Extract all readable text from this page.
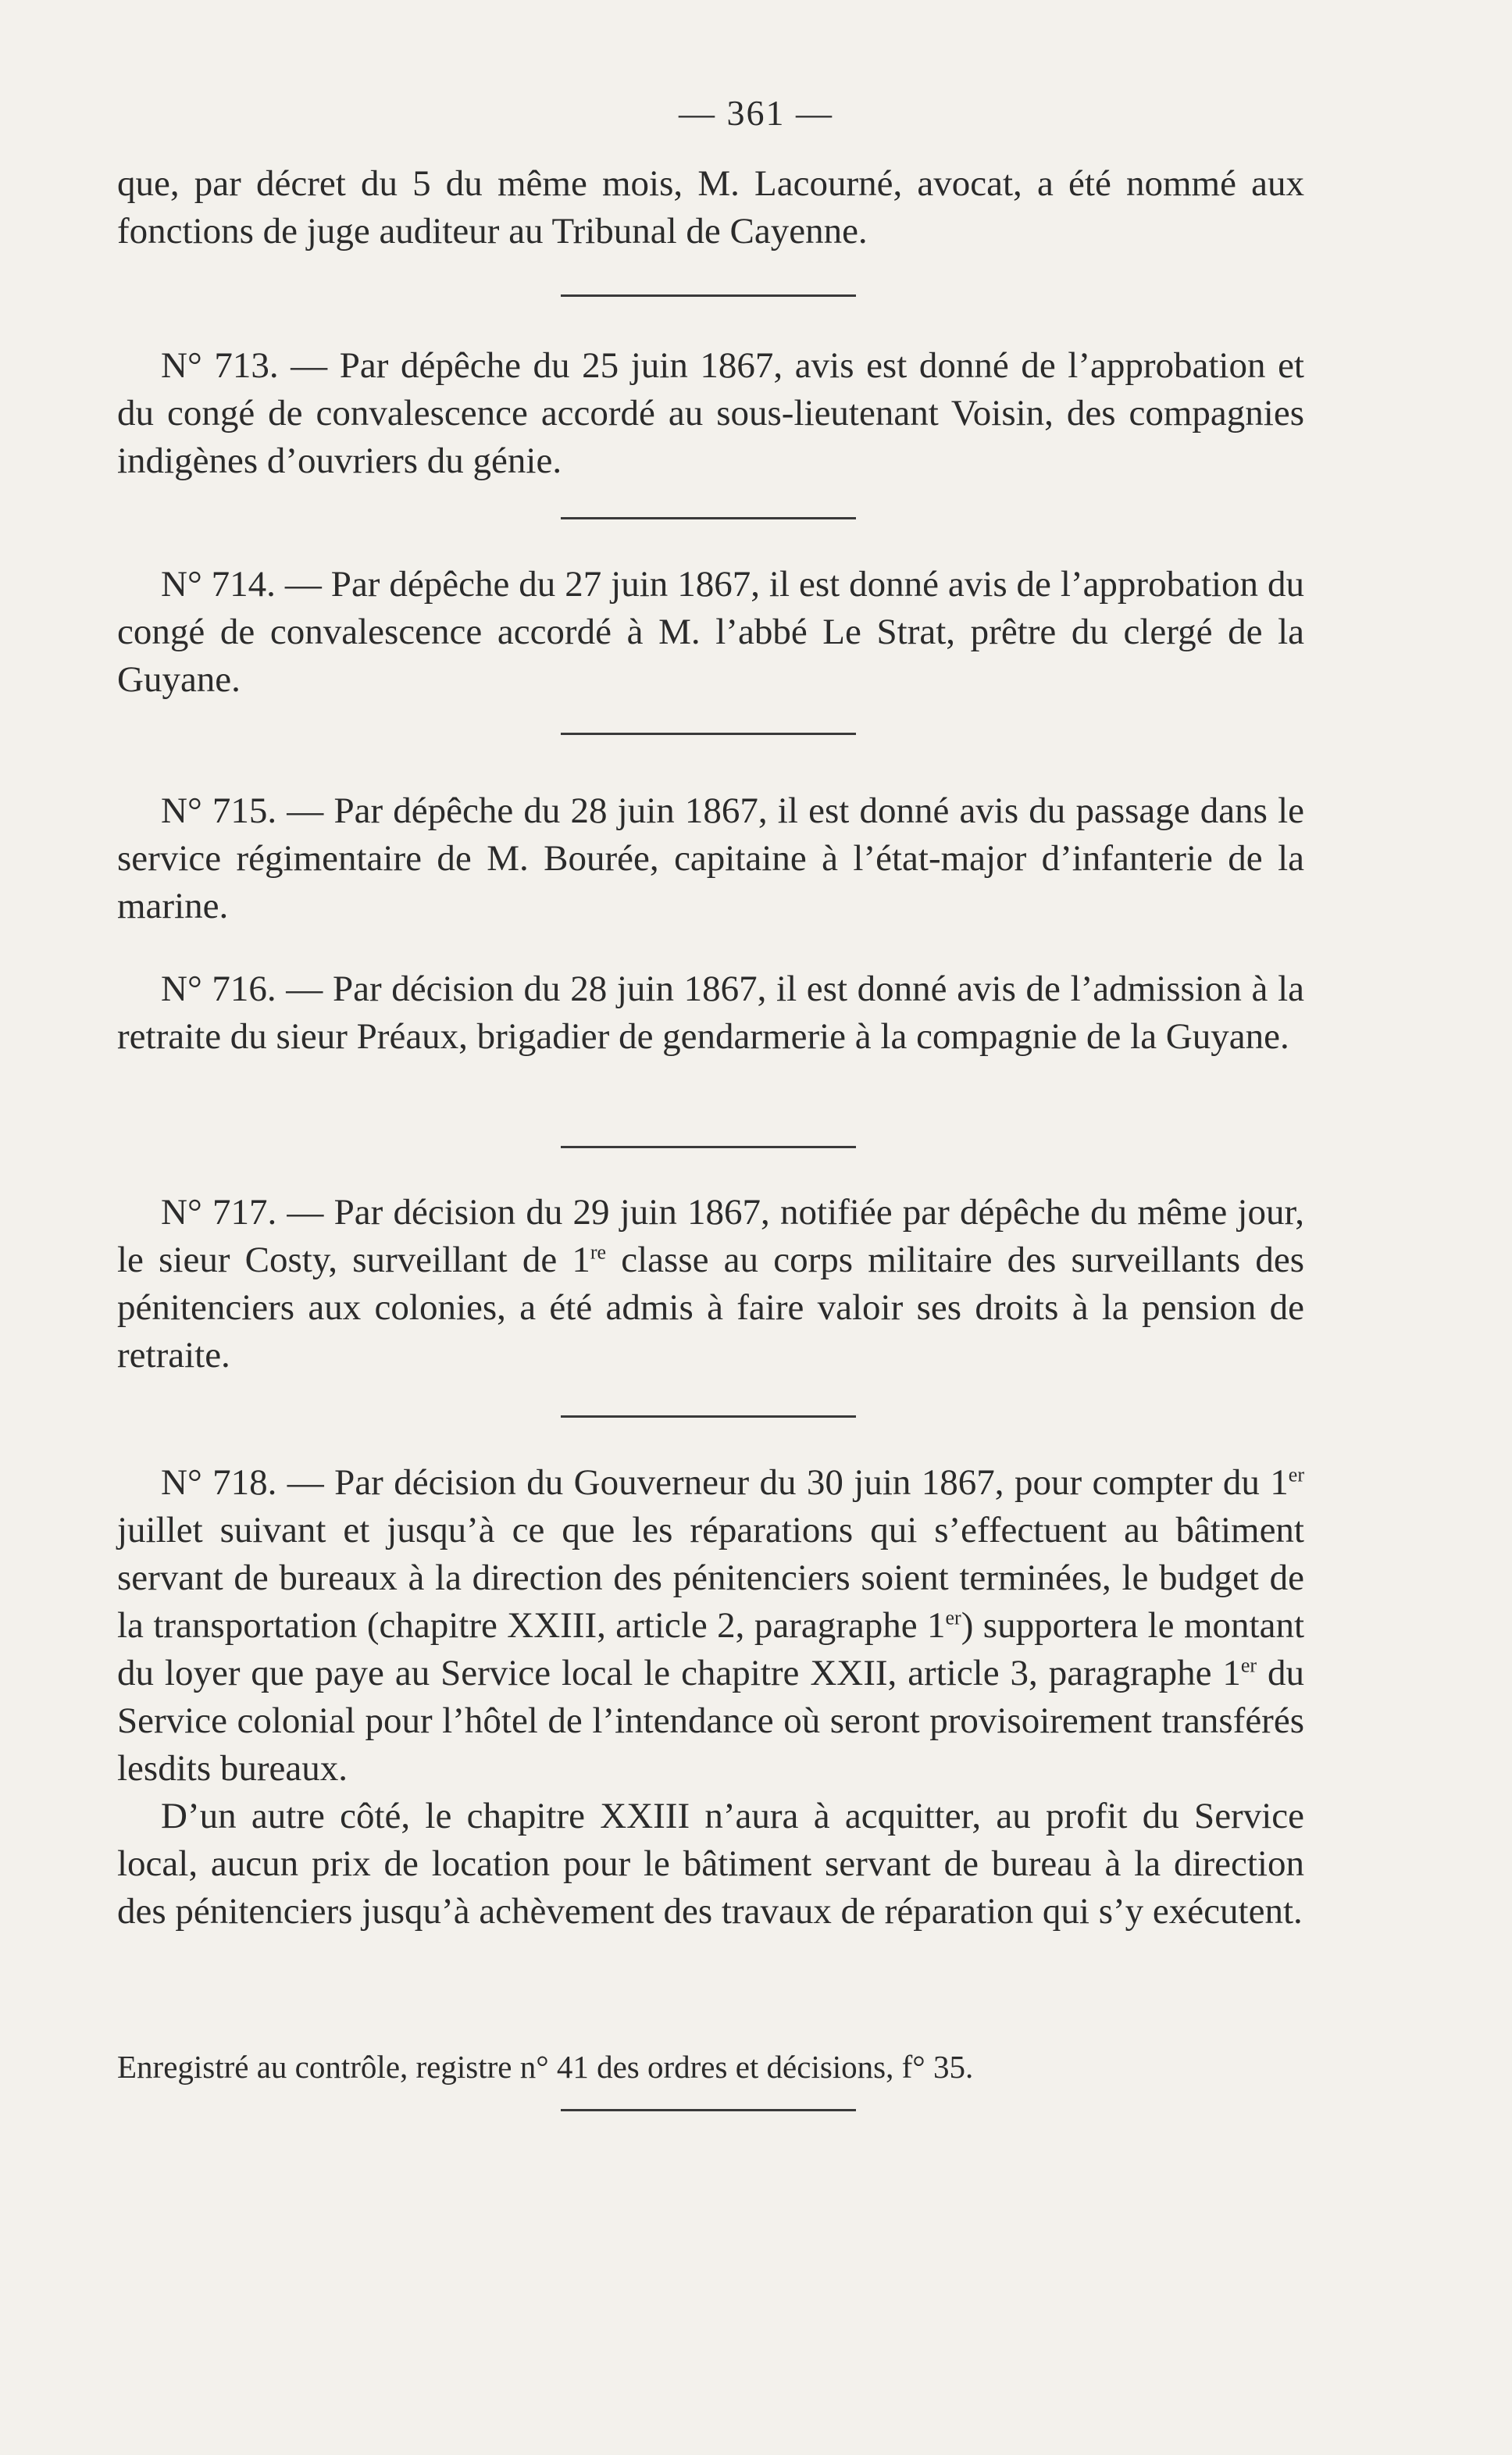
— 361 —

que, par décret du 5 du même mois, M. Lacourné, avocat, a été nommé aux fonctions de juge auditeur au Tribunal de Cayenne.

N° 713. — Par dépêche du 25 juin 1867, avis est donné de l’approbation et du congé de convalescence accordé au sous-lieutenant Voisin, des compagnies indigènes d’ouvriers du génie.

N° 714. — Par dépêche du 27 juin 1867, il est donné avis de l’approbation du congé de convalescence accordé à M. l’abbé Le Strat, prêtre du clergé de la Guyane.

N° 715. — Par dépêche du 28 juin 1867, il est donné avis du passage dans le service régimentaire de M. Bourée, capitaine à l’état-major d’infanterie de la marine.

N° 716. — Par décision du 28 juin 1867, il est donné avis de l’admission à la retraite du sieur Préaux, brigadier de gendarmerie à la compagnie de la Guyane.

N° 717. — Par décision du 29 juin 1867, notifiée par dépêche du même jour, le sieur Costy, surveillant de 1re classe au corps militaire des surveillants des pénitenciers aux colonies, a été admis à faire valoir ses droits à la pension de retraite.

N° 718. — Par décision du Gouverneur du 30 juin 1867, pour compter du 1er juillet suivant et jusqu’à ce que les réparations qui s’effectuent au bâtiment servant de bureaux à la direction des pénitenciers soient terminées, le budget de la transportation (chapitre XXIII, article 2, paragraphe 1er) supportera le montant du loyer que paye au Service local le chapitre XXII, article 3, paragraphe 1er du Service colonial pour l’hôtel de l’intendance où seront provisoirement transférés lesdits bureaux.

D’un autre côté, le chapitre XXIII n’aura à acquitter, au profit du Service local, aucun prix de location pour le bâtiment servant de bureau à la direction des pénitenciers jusqu’à achèvement des travaux de réparation qui s’y exécutent.

Enregistré au contrôle, registre n° 41 des ordres et décisions, f° 35.
